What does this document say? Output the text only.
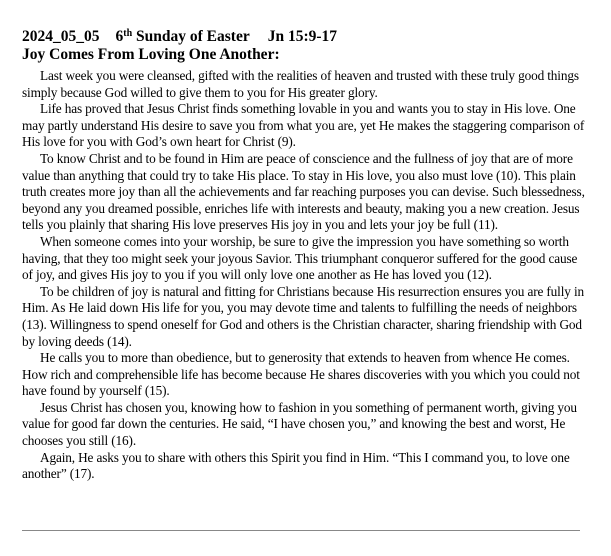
2024_05_05 6th Sunday of Easter Jn 15:9-17
Joy Comes From Loving One Another:

Last week you were cleansed, gifted with the realities of heaven and trusted with these truly good things simply because God willed to give them to you for His greater glory.

Life has proved that Jesus Christ finds something lovable in you and wants you to stay in His love. One may partly understand His desire to save you from what you are, yet He makes the staggering comparison of His love for you with God’s own heart for Christ (9).

To know Christ and to be found in Him are peace of conscience and the fullness of joy that are of more value than anything that could try to take His place. To stay in His love, you also must love (10). This plain truth creates more joy than all the achievements and far reaching purposes you can devise. Such blessedness, beyond any you dreamed possible, enriches life with interests and beauty, making you a new creation. Jesus tells you plainly that sharing His love preserves His joy in you and lets your joy be full (11).

When someone comes into your worship, be sure to give the impression you have something so worth having, that they too might seek your joyous Savior. This triumphant conqueror suffered for the good cause of joy, and gives His joy to you if you will only love one another as He has loved you (12).

To be children of joy is natural and fitting for Christians because His resurrection ensures you are fully in Him. As He laid down His life for you, you may devote time and talents to fulfilling the needs of neighbors (13). Willingness to spend oneself for God and others is the Christian character, sharing friendship with God by loving deeds (14).

He calls you to more than obedience, but to generosity that extends to heaven from whence He comes. How rich and comprehensible life has become because He shares discoveries with you which you could not have found by yourself (15).

Jesus Christ has chosen you, knowing how to fashion in you something of permanent worth, giving you value for good far down the centuries. He said, “I have chosen you,” and knowing the best and worst, He chooses you still (16).

Again, He asks you to share with others this Spirit you find in Him. “This I command you, to love one another” (17).
